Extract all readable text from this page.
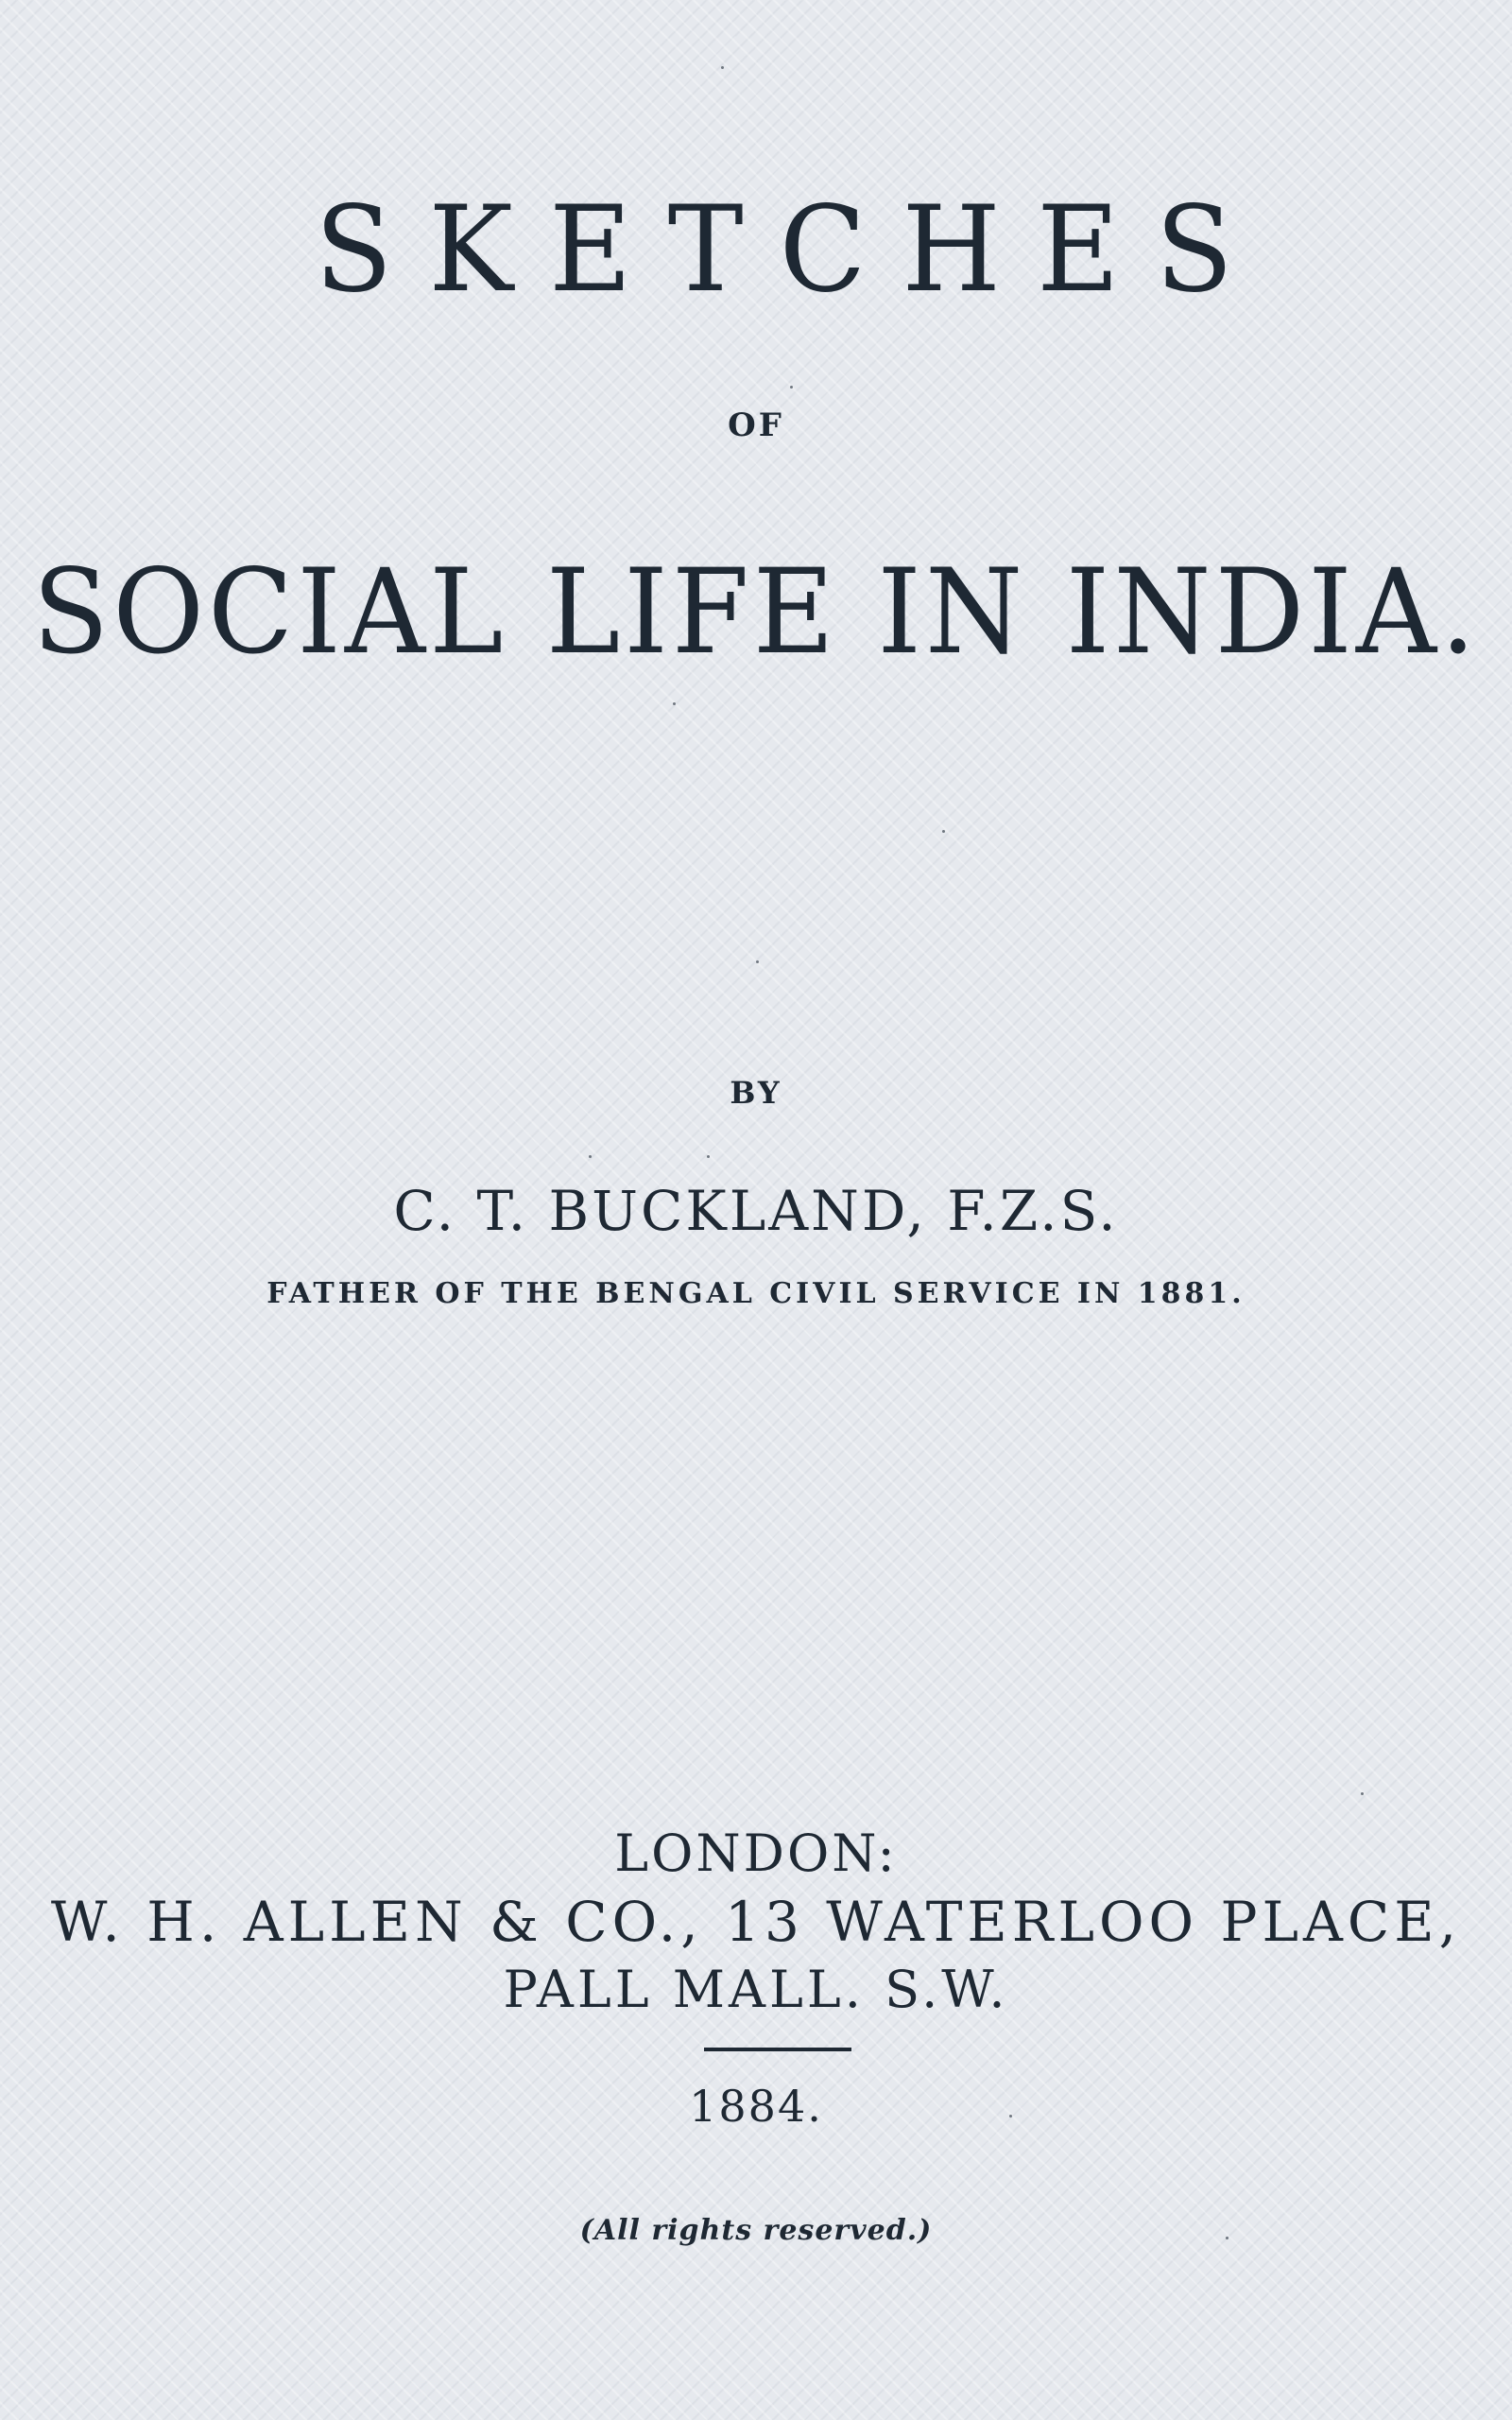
SKETCHES
OF
SOCIAL LIFE IN INDIA.
BY
C. T. BUCKLAND, F.Z.S.
FATHER OF THE BENGAL CIVIL SERVICE IN 1881.
LONDON:
W. H. ALLEN & CO., 13 WATERLOO PLACE,
PALL MALL. S.W.
1884.
(All rights reserved.)
